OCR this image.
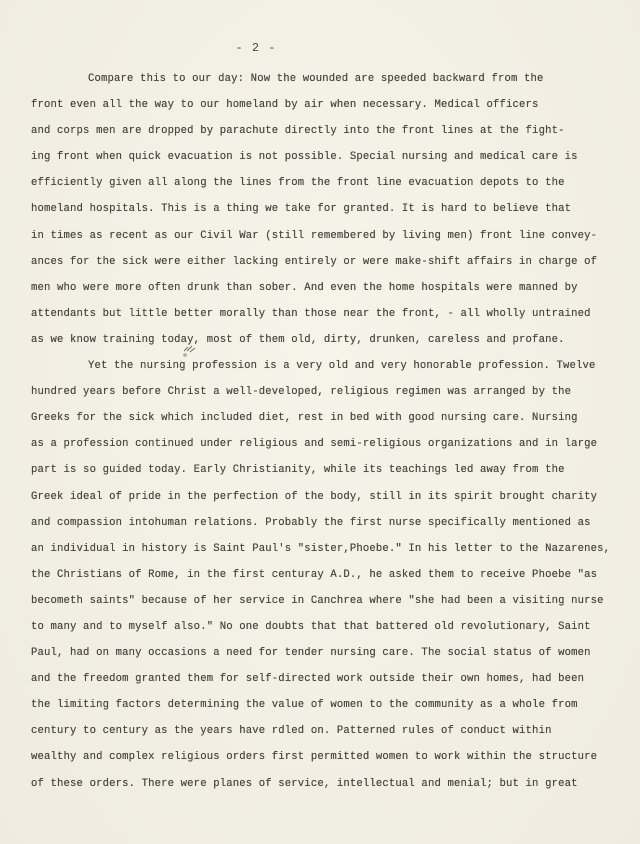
- 2 -
Compare this to our day: Now the wounded are speeded backward from the
front even all the way to our homeland by air when necessary. Medical officers
and corps men are dropped by parachute directly into the front lines at the fight-
ing front when quick evacuation is not possible. Special nursing and medical care is
efficiently given all along the lines from the front line evacuation depots to the
homeland hospitals. This is a thing we take for granted. It is hard to believe that
in times as recent as our Civil War (still remembered by living men) front line convey-
ances for the sick were either lacking entirely or were make-shift affairs in charge of
men who were more often drunk than sober. And even the home hospitals were manned by
attendants but little better morally than those near the front, - all wholly untrained
as we know training today, most of them old, dirty, drunken, careless and profane.
Yet the nursing profession is a very old and very honorable profession. Twelve
hundred years before Christ a well-developed, religious regimen was arranged by the
Greeks for the sick which included diet, rest in bed with good nursing care. Nursing
as a profession continued under religious and semi-religious organizations and in large
part is so guided today. Early Christianity, while its teachings led away from the
Greek ideal of pride in the perfection of the body, still in its spirit brought charity
and compassion intohuman relations. Probably the first nurse specifically mentioned as
an individual in history is Saint Paul's "sister,Phoebe." In his letter to the Nazarenes,
the Christians of Rome, in the first centuray A.D., he asked them to receive Phoebe "as
becometh saints" because of her service in Canchrea where "she had been a visiting nurse
to many and to myself also." No one doubts that that battered old revolutionary, Saint
Paul, had on many occasions a need for tender nursing care. The social status of women
and the freedom granted them for self-directed work outside their own homes, had been
the limiting factors determining the value of women to the community as a whole from
century to century as the years have rdled on. Patterned rules of conduct within
wealthy and complex religious orders first permitted women to work within the structure
of these orders. There were planes of service, intellectual and menial; but in great
